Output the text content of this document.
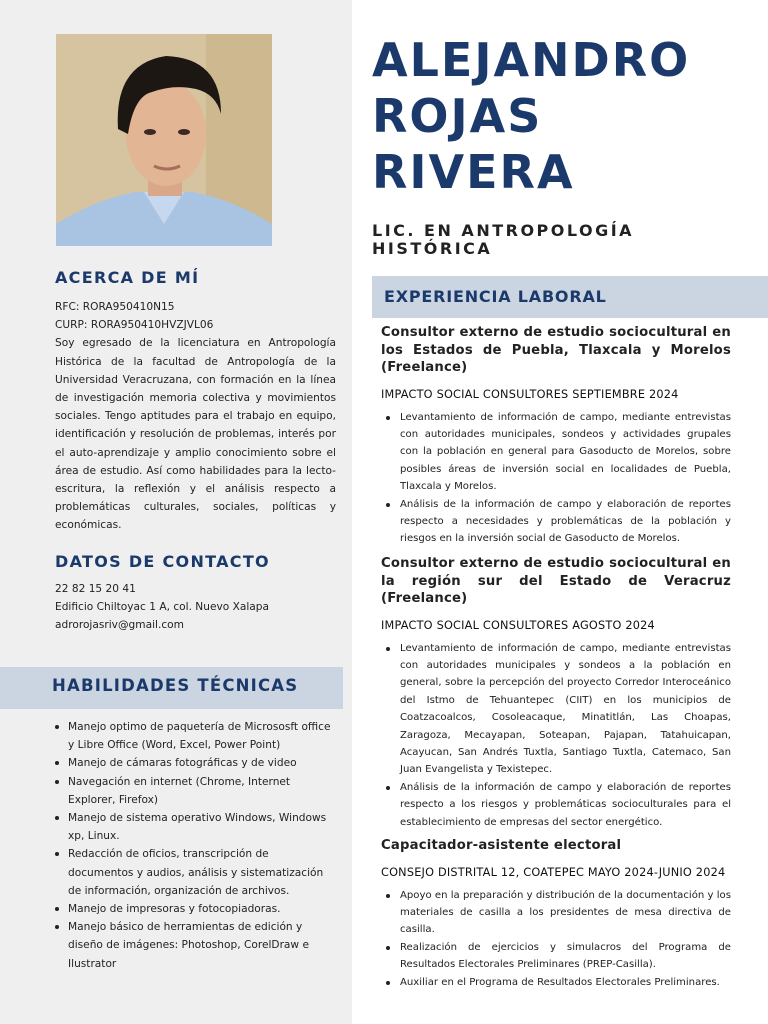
ACERCA DE MÍ
RFC: RORA950410N15
CURP: RORA950410HVZJVL06
Soy egresado de la licenciatura en Antropología Histórica de la facultad de Antropología de la Universidad Veracruzana, con formación en la línea de investigación memoria colectiva y movimientos sociales. Tengo aptitudes para el trabajo en equipo, identificación y resolución de problemas, interés por el auto-aprendizaje y amplio conocimiento sobre el área de estudio. Así como habilidades para la lecto-escritura, la reflexión y el análisis respecto a problemáticas culturales, sociales, políticas y económicas.
DATOS DE CONTACTO
22 82 15 20 41
Edificio Chiltoyac 1 A, col. Nuevo Xalapa
adrorojasriv@gmail.com
HABILIDADES TÉCNICAS
Manejo optimo de paquetería de Micrososft office y Libre Office (Word, Excel, Power Point)
Manejo de cámaras fotográficas y de video
Navegación en internet (Chrome, Internet Explorer, Firefox)
Manejo de sistema operativo Windows, Windows xp, Linux.
Redacción de oficios, transcripción de documentos y audios, análisis y sistematización de información, organización de archivos.
Manejo de impresoras y fotocopiadoras.
Manejo básico de herramientas de edición y diseño de imágenes: Photoshop, CorelDraw e Ilustrator
ALEJANDRO
ROJAS
RIVERA
LIC. EN ANTROPOLOGÍA
HISTÓRICA
EXPERIENCIA LABORAL
Consultor externo de estudio sociocultural en los Estados de Puebla, Tlaxcala y Morelos (Freelance)
IMPACTO SOCIAL CONSULTORES SEPTIEMBRE 2024
Levantamiento de información de campo, mediante entrevistas con autoridades municipales, sondeos y actividades grupales con la población en general para Gasoducto de Morelos, sobre posibles áreas de inversión social en localidades de Puebla, Tlaxcala y Morelos.
Análisis de la información de campo y elaboración de reportes respecto a necesidades y problemáticas de la población y riesgos en la inversión social de Gasoducto de Morelos.
Consultor externo de estudio sociocultural en la región sur del Estado de Veracruz (Freelance)
IMPACTO SOCIAL CONSULTORES AGOSTO 2024
Levantamiento de información de campo, mediante entrevistas con autoridades municipales y sondeos a la población en general, sobre la percepción del proyecto Corredor Interoceánico del Istmo de Tehuantepec (CIIT) en los municipios de Coatzacoalcos, Cosoleacaque, Minatitlán, Las Choapas, Zaragoza, Mecayapan, Soteapan, Pajapan, Tatahuicapan, Acayucan, San Andrés Tuxtla, Santiago Tuxtla, Catemaco, San Juan Evangelista y Texistepec.
Análisis de la información de campo y elaboración de reportes respecto a los riesgos y problemáticas socioculturales para el establecimiento de empresas del sector energético.
Capacitador-asistente electoral
CONSEJO DISTRITAL 12, COATEPEC MAYO 2024-JUNIO 2024
Apoyo en la preparación y distribución de la documentación y los materiales de casilla a los presidentes de mesa directiva de casilla.
Realización de ejercicios y simulacros del Programa de Resultados Electorales Preliminares (PREP-Casilla).
Auxiliar en el Programa de Resultados Electorales Preliminares.
